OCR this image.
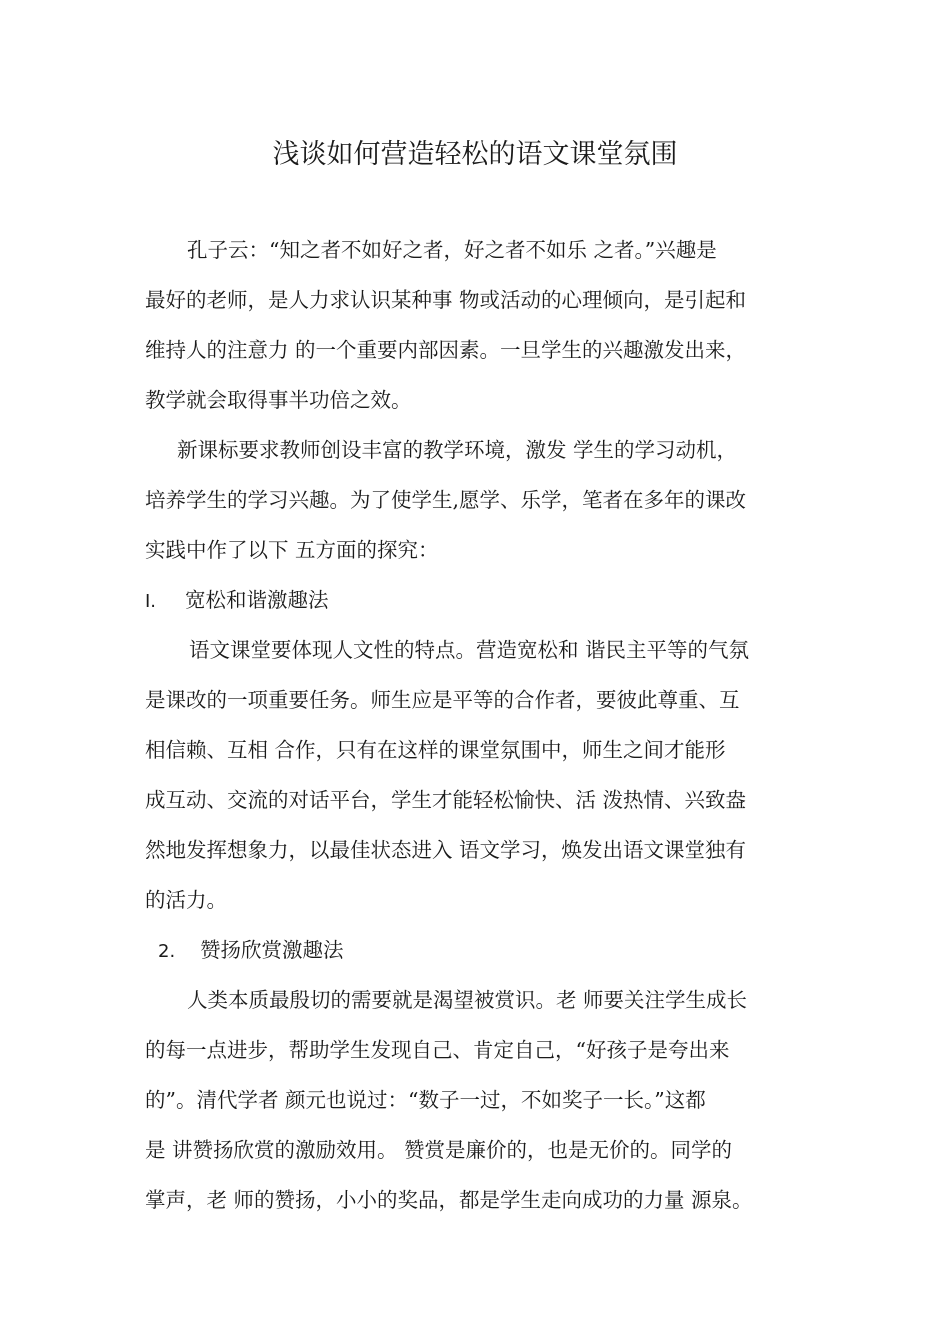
浅谈如何营造轻松的语文课堂氛围
孔子云：“知之者不如好之者，好之者不如乐 之者。”兴趣是
最好的老师，是人力求认识某种事 物或活动的心理倾向，是引起和
维持人的注意力 的一个重要内部因素。一旦学生的兴趣激发出来，
教学就会取得事半功倍之效。
新课标要求教师创设丰富的教学环境，激发 学生的学习动机，
培养学生的学习兴趣。为了使学生,愿学、乐学，笔者在多年的课改
实践中作了以下 五方面的探究：
I. 宽松和谐激趣法
语文课堂要体现人文性的特点。营造宽松和 谐民主平等的气氛
是课改的一项重要任务。师生应是平等的合作者，要彼此尊重、互
相信赖、互相 合作，只有在这样的课堂氛围中，师生之间才能形
成互动、交流的对话平台，学生才能轻松愉快、活 泼热情、兴致盎
然地发挥想象力，以最佳状态进入 语文学习，焕发出语文课堂独有
的活力。
2. 赞扬欣赏激趣法
人类本质最殷切的需要就是渴望被赏识。老 师要关注学生成长
的每一点进步，帮助学生发现自己、肯定自己，“好孩子是夸出来
的”。清代学者 颜元也说过：“数子一过，不如奖子一长。”这都
是 讲赞扬欣赏的激励效用。 赞赏是廉价的，也是无价的。同学的
掌声，老 师的赞扬，小小的奖品，都是学生走向成功的力量 源泉。
